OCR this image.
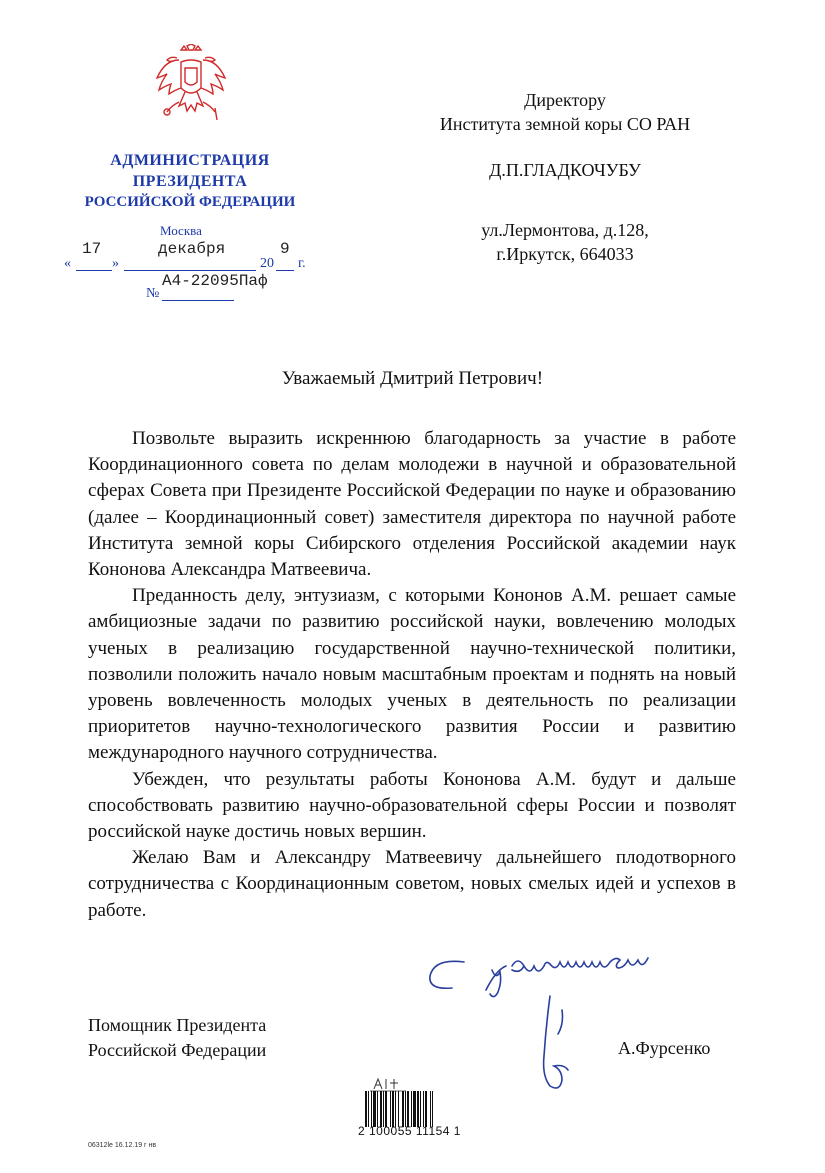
АДМИНИСТРАЦИЯ
ПРЕЗИДЕНТА
РОССИЙСКОЙ ФЕДЕРАЦИИ
Москва
«
17
»
декабря
20
9
г.
№
А4-22095Паф
Директору
Института земной коры СО РАН
Д.П.ГЛАДКОЧУБУ
ул.Лермонтова, д.128,
г.Иркутск, 664033
Уважаемый Дмитрий Петрович!

Позвольте выразить искреннюю благодарность за участие в работе Координационного совета по делам молодежи в научной и образовательной сферах Совета при Президенте Российской Федерации по науке и образованию (далее – Координационный совет) заместителя директора по научной работе Института земной коры Сибирского отделения Российской академии наук Кононова Александра Матвеевича.

Преданность делу, энтузиазм, с которыми Кононов А.М. решает самые амбициозные задачи по развитию российской науки, вовлечению молодых ученых в реализацию государственной научно-технической политики, позволили положить начало новым масштабным проектам и поднять на новый уровень вовлеченность молодых ученых в деятельность по реализации приоритетов научно-технологического развития России и развитию международного научного сотрудничества.

Убежден, что результаты работы Кононова А.М. будут и дальше способствовать развитию научно-образовательной сферы России и позволят российской науке достичь новых вершин.

Желаю Вам и Александру Матвеевичу дальнейшего плодотворного сотрудничества с Координационным советом, новых смелых идей и успехов в работе.

Помощник Президента
Российской Федерации	А.Фурсенко
2 100055 11154 1
06312le 16.12.19 г нв
